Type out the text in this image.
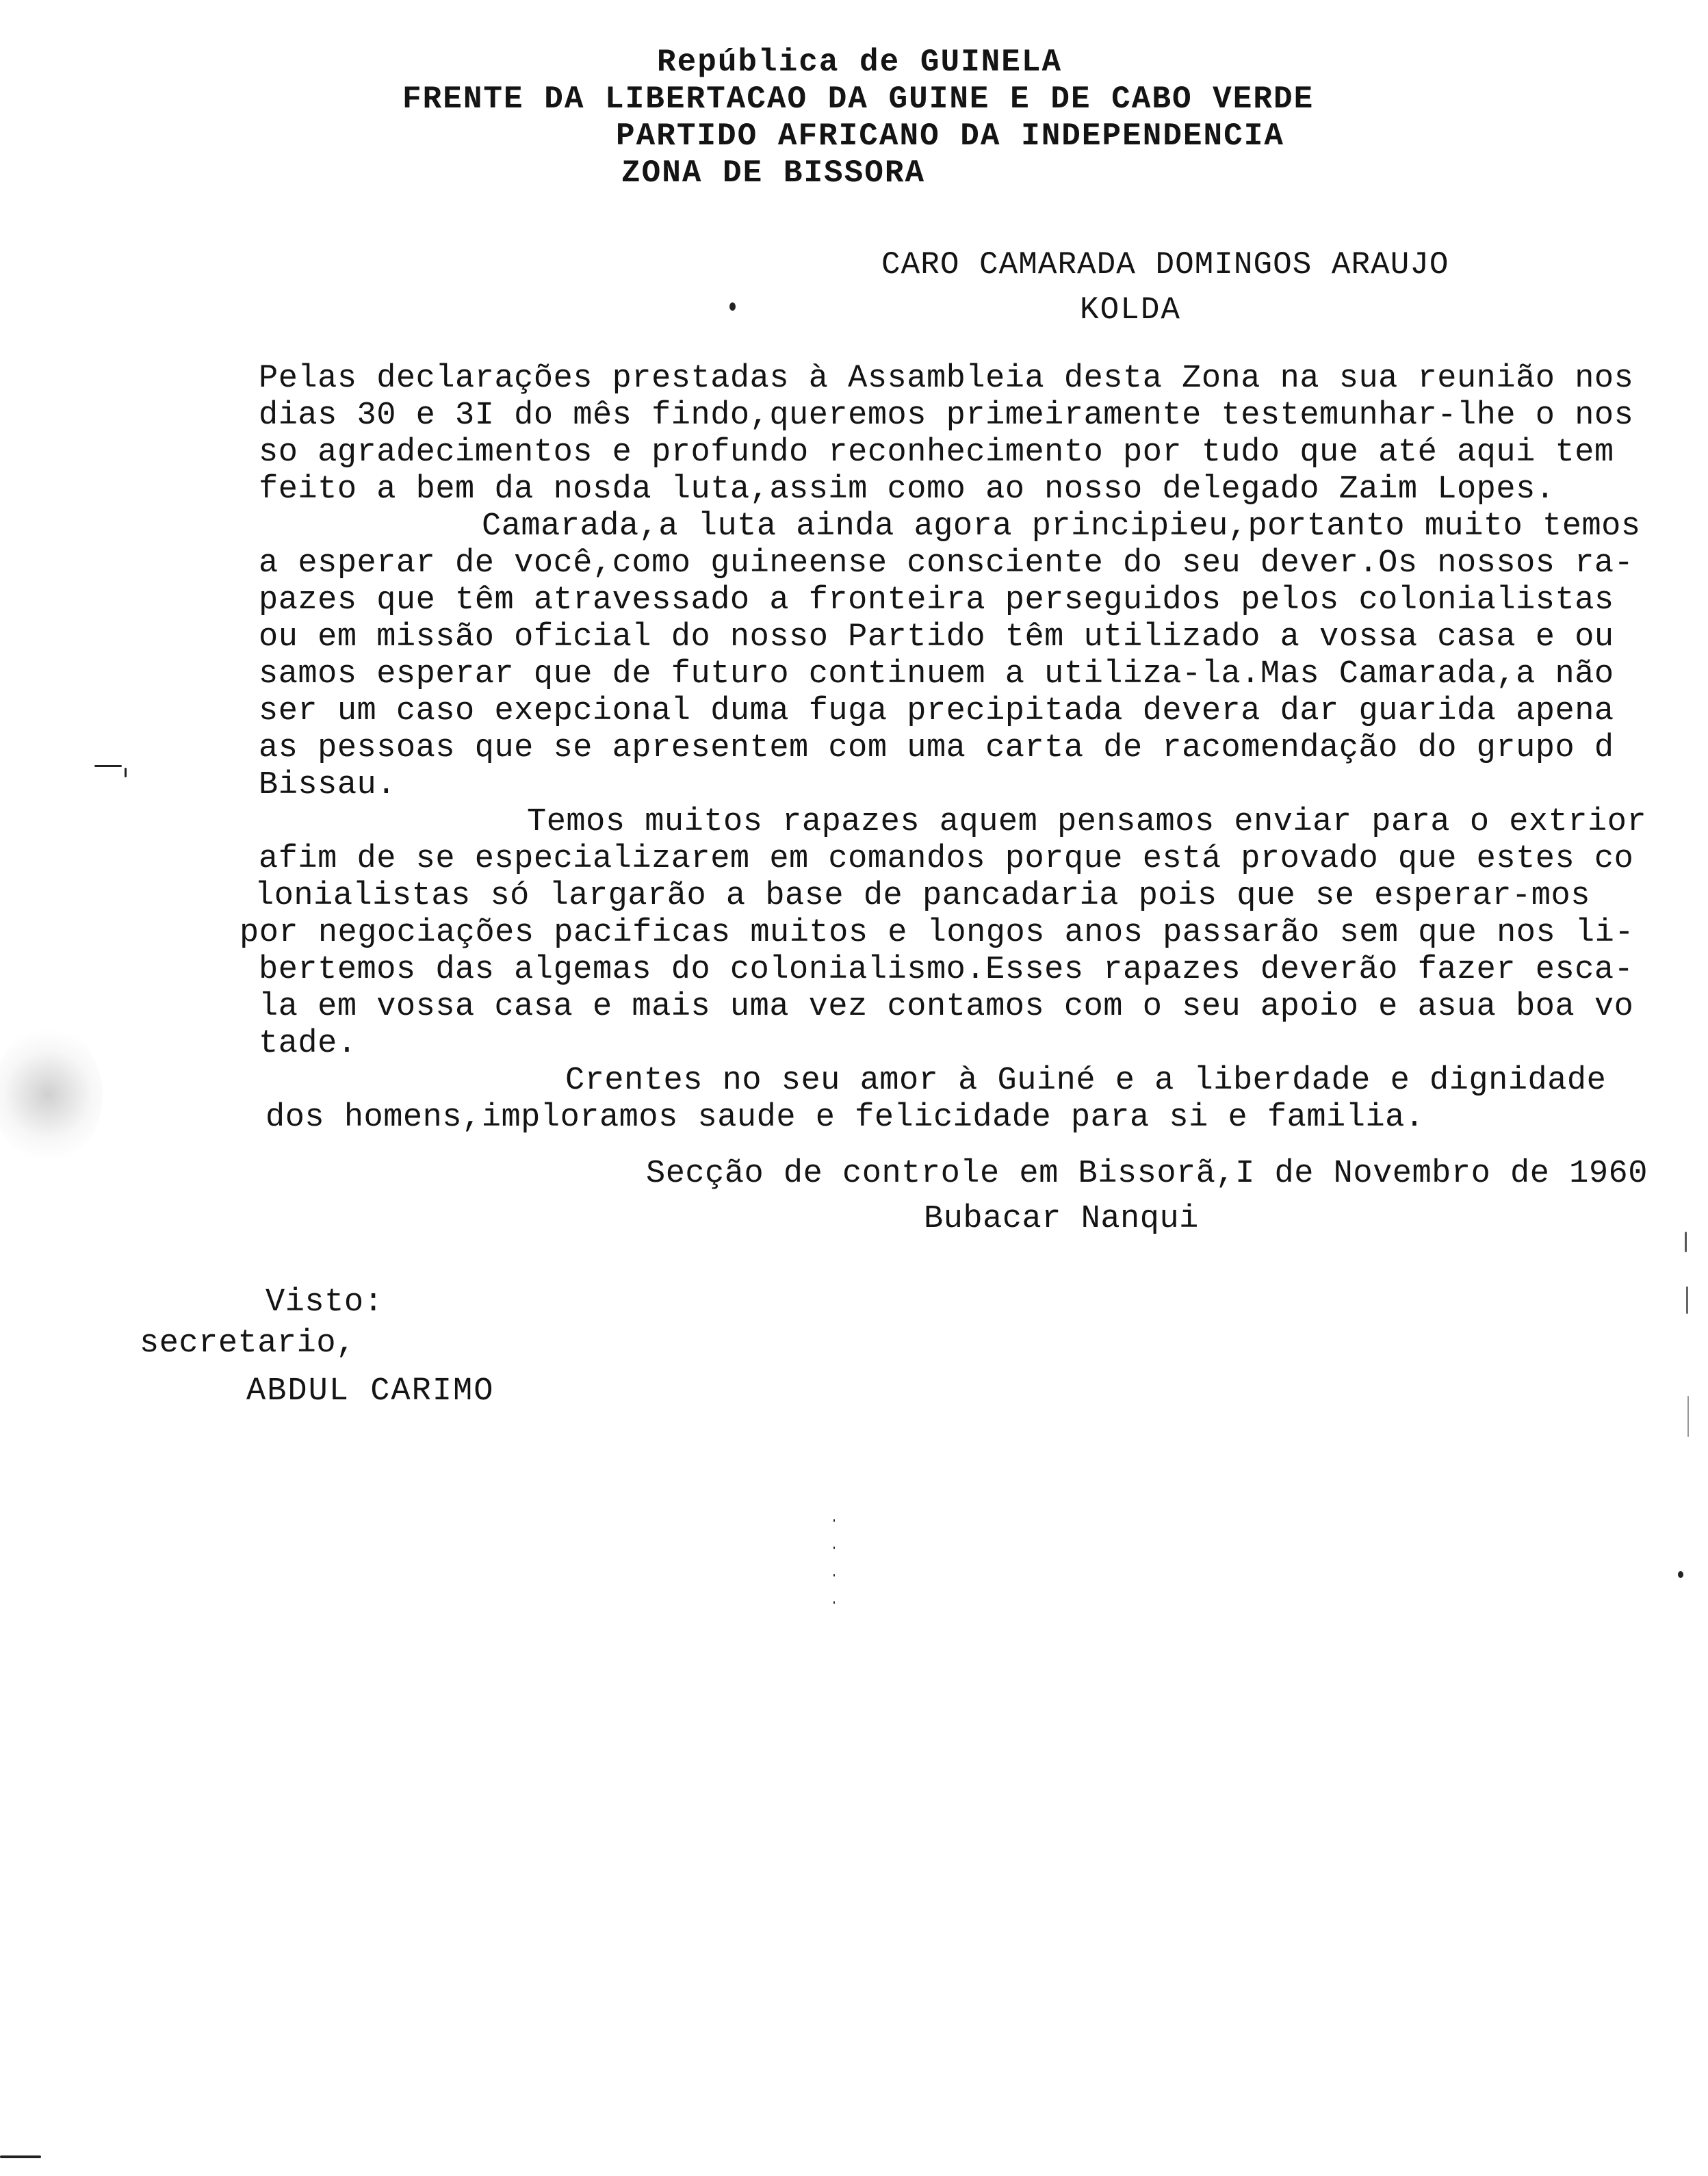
República de GUINELA
FRENTE DA LIBERTACAO DA GUINE E DE CABO VERDE
PARTIDO AFRICANO DA INDEPENDENCIA
ZONA DE BISSORA
CARO CAMARADA DOMINGOS ARAUJO
KOLDA
Pelas declarações prestadas à Assambleia desta Zona na sua reunião nos
dias 30 e 3I do mês findo,queremos primeiramente testemunhar-lhe o nos
so agradecimentos e profundo reconhecimento por tudo que até aqui tem
feito a bem da nosda luta,assim como ao nosso delegado Zaim Lopes.
Camarada,a luta ainda agora principieu,portanto muito temos
a esperar de você,como guineense consciente do seu dever.Os nossos ra-
pazes que têm atravessado a fronteira perseguidos pelos colonialistas
ou em missão oficial do nosso Partido têm utilizado a vossa casa e ou
samos esperar que de futuro continuem a utiliza-la.Mas Camarada,a não
ser um caso exepcional duma fuga precipitada devera dar guarida apena
as pessoas que se apresentem com uma carta de racomendação do grupo d
Bissau.
Temos muitos rapazes aquem pensamos enviar para o extrior
afim de se especializarem em comandos porque está provado que estes co
lonialistas só largarão a base de pancadaria pois que se esperar-mos
por negociações pacificas muitos e longos anos passarão sem que nos li-
bertemos das algemas do colonialismo.Esses rapazes deverão fazer esca-
la em vossa casa e mais uma vez contamos com o seu apoio e asua boa vo
tade.
Crentes no seu amor à Guiné e a liberdade e dignidade
dos homens,imploramos saude e felicidade para si e familia.
Secção de controle em Bissorã,I de Novembro de 1960
Bubacar Nanqui
Visto:
secretario,
ABDUL CARIMO
